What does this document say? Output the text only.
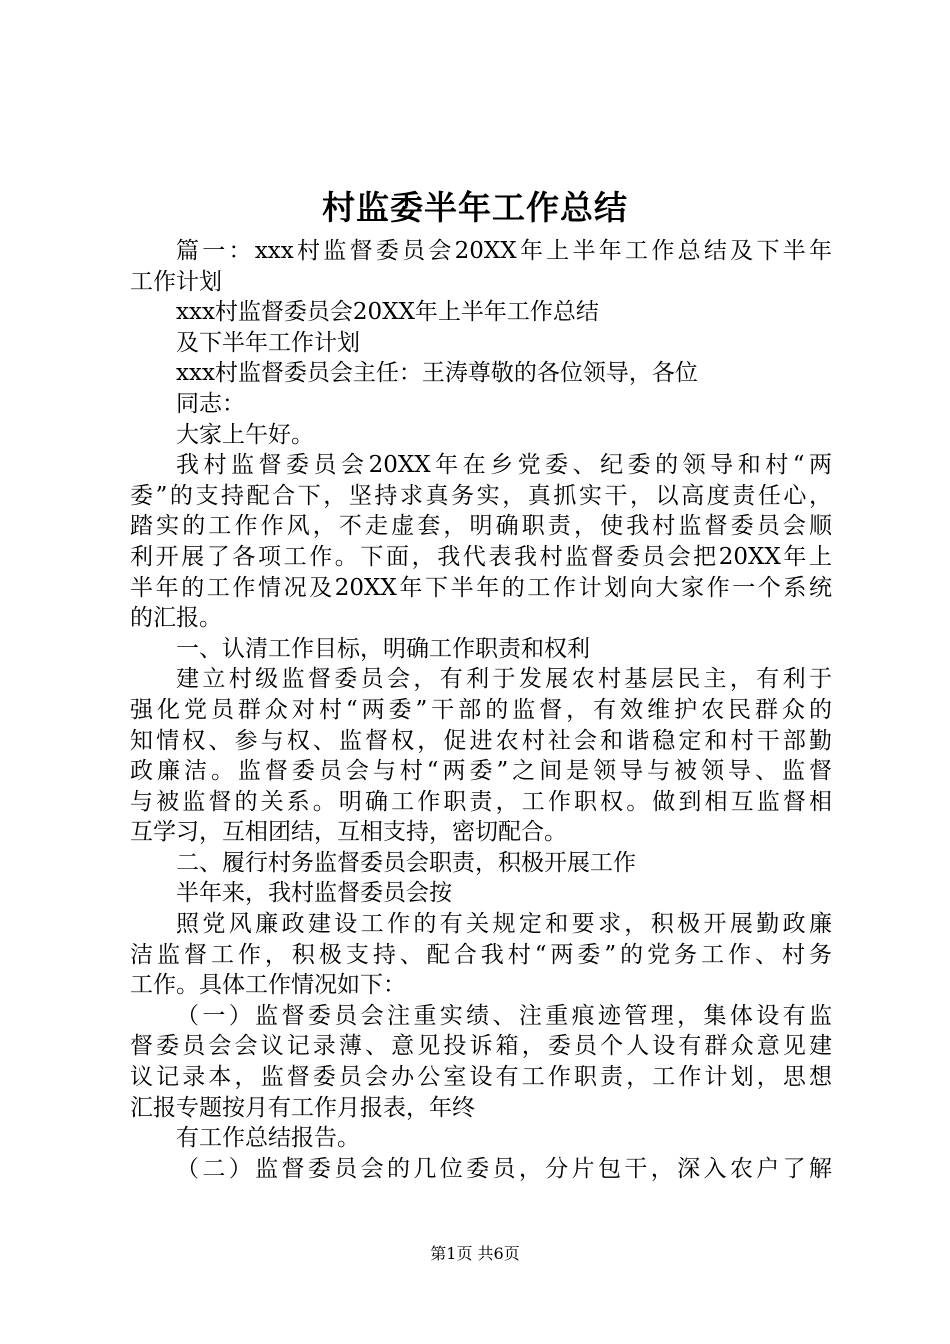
村监委半年工作总结
篇一：xxx村监督委员会20XX年上半年工作总结及下半年
工作计划
xxx村监督委员会20XX年上半年工作总结
及下半年工作计划
xxx村监督委员会主任：王涛尊敬的各位领导，各位
同志：
大家上午好。
我村监督委员会20XX年在乡党委、纪委的领导和村“两
委”的支持配合下，坚持求真务实，真抓实干，以高度责任心，
踏实的工作作风，不走虚套，明确职责，使我村监督委员会顺
利开展了各项工作。下面，我代表我村监督委员会把20XX年上
半年的工作情况及20XX年下半年的工作计划向大家作一个系统
的汇报。
一、认清工作目标，明确工作职责和权利
建立村级监督委员会，有利于发展农村基层民主，有利于
强化党员群众对村“两委”干部的监督，有效维护农民群众的
知情权、参与权、监督权，促进农村社会和谐稳定和村干部勤
政廉洁。监督委员会与村“两委”之间是领导与被领导、监督
与被监督的关系。明确工作职责，工作职权。做到相互监督相
互学习，互相团结，互相支持，密切配合。
二、履行村务监督委员会职责，积极开展工作
半年来，我村监督委员会按
照党风廉政建设工作的有关规定和要求，积极开展勤政廉
洁监督工作，积极支持、配合我村“两委”的党务工作、村务
工作。具体工作情况如下：
（一）监督委员会注重实绩、注重痕迹管理，集体设有监
督委员会会议记录薄、意见投诉箱，委员个人设有群众意见建
议记录本，监督委员会办公室设有工作职责，工作计划，思想
汇报专题按月有工作月报表，年终
有工作总结报告。
（二）监督委员会的几位委员，分片包干，深入农户了解
第1页 共6页
